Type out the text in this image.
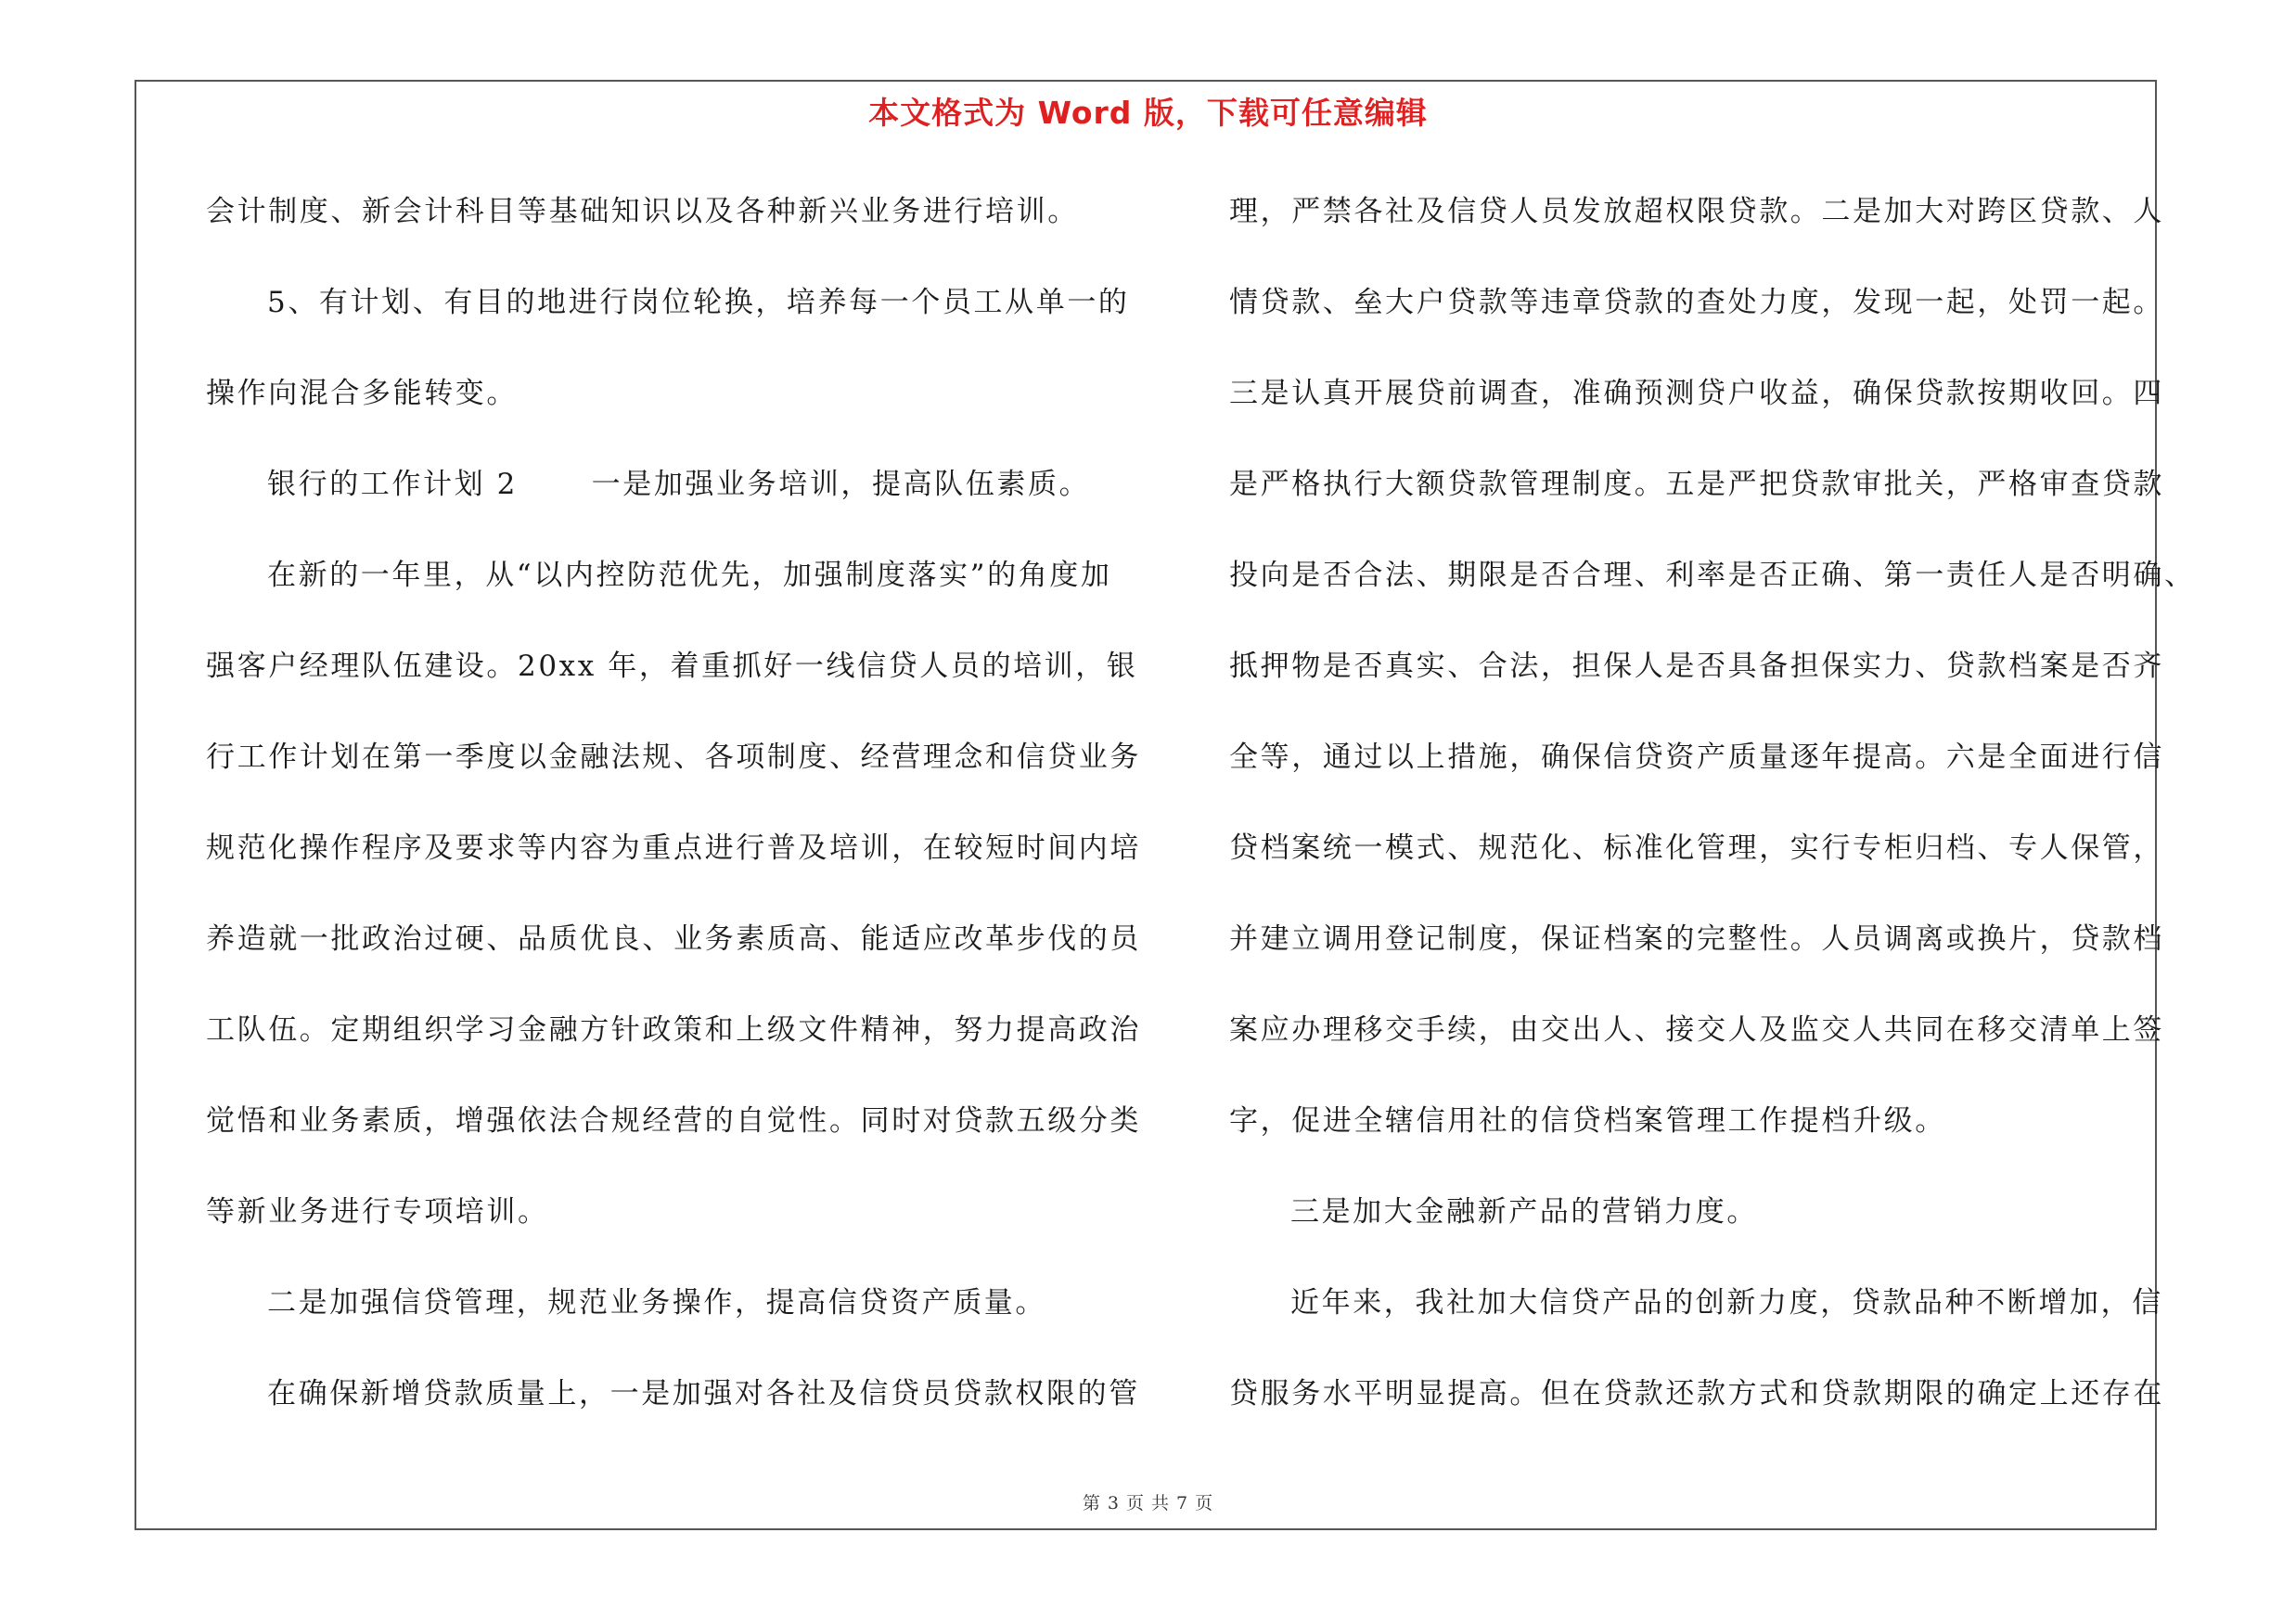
本文格式为 Word 版，下载可任意编辑
会计制度、新会计科目等基础知识以及各种新兴业务进行培训。
5、有计划、有目的地进行岗位轮换，培养每一个员工从单一的
操作向混合多能转变。
银行的工作计划 2　　 一是加强业务培训，提高队伍素质。
在新的一年里，从“以内控防范优先，加强制度落实”的角度加
强客户经理队伍建设。20xx 年，着重抓好一线信贷人员的培训，银
行工作计划在第一季度以金融法规、各项制度、经营理念和信贷业务
规范化操作程序及要求等内容为重点进行普及培训，在较短时间内培
养造就一批政治过硬、品质优良、业务素质高、能适应改革步伐的员
工队伍。定期组织学习金融方针政策和上级文件精神，努力提高政治
觉悟和业务素质，增强依法合规经营的自觉性。同时对贷款五级分类
等新业务进行专项培训。
二是加强信贷管理，规范业务操作，提高信贷资产质量。
在确保新增贷款质量上，一是加强对各社及信贷员贷款权限的管
理，严禁各社及信贷人员发放超权限贷款。二是加大对跨区贷款、人
情贷款、垒大户贷款等违章贷款的查处力度，发现一起，处罚一起。
三是认真开展贷前调查，准确预测贷户收益，确保贷款按期收回。四
是严格执行大额贷款管理制度。五是严把贷款审批关，严格审查贷款
投向是否合法、期限是否合理、利率是否正确、第一责任人是否明确、
抵押物是否真实、合法，担保人是否具备担保实力、贷款档案是否齐
全等，通过以上措施，确保信贷资产质量逐年提高。六是全面进行信
贷档案统一模式、规范化、标准化管理，实行专柜归档、专人保管，
并建立调用登记制度，保证档案的完整性。人员调离或换片，贷款档
案应办理移交手续，由交出人、接交人及监交人共同在移交清单上签
字，促进全辖信用社的信贷档案管理工作提档升级。
三是加大金融新产品的营销力度。
近年来，我社加大信贷产品的创新力度，贷款品种不断增加，信
贷服务水平明显提高。但在贷款还款方式和贷款期限的确定上还存在
第 3 页 共 7 页
